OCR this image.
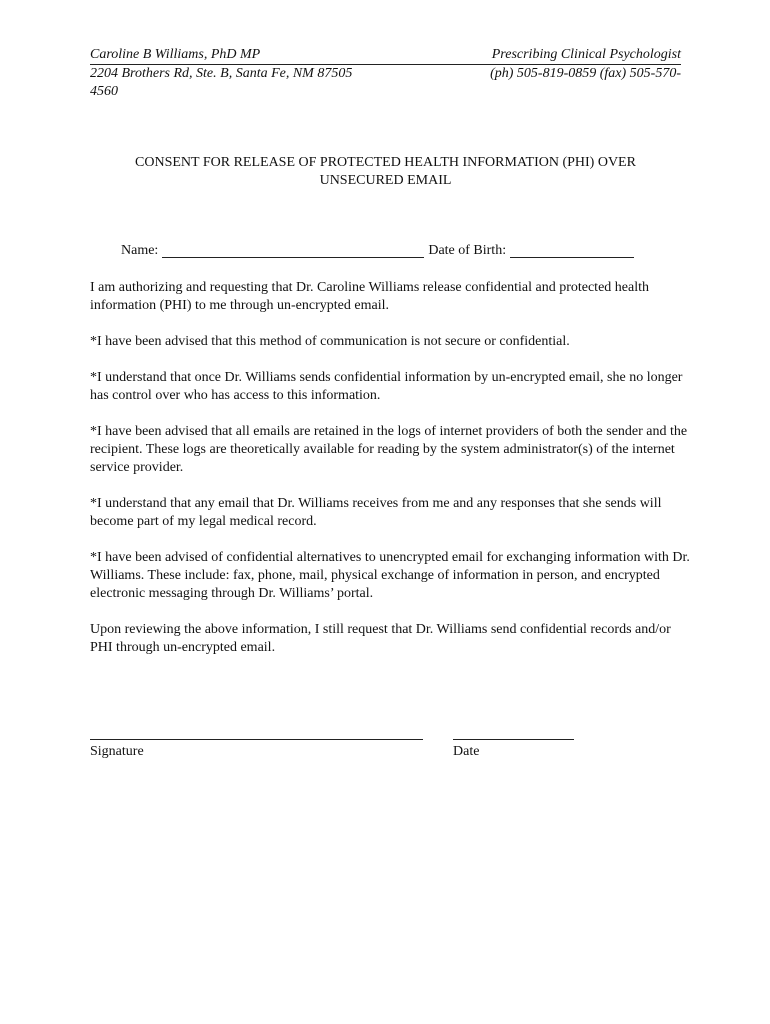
Caroline B Williams, PhD MP	Prescribing Clinical Psychologist
2204 Brothers Rd, Ste. B, Santa Fe, NM 87505	(ph) 505-819-0859 (fax) 505-570-
4560
CONSENT FOR RELEASE OF PROTECTED HEALTH INFORMATION (PHI) OVER
UNSECURED EMAIL
Name:	Date of Birth:

I am authorizing and requesting that Dr. Caroline Williams release confidential and protected health information (PHI) to me through un-encrypted email.

*I have been advised that this method of communication is not secure or confidential.

*I understand that once Dr. Williams sends confidential information by un-encrypted email, she no longer has control over who has access to this information.

*I have been advised that all emails are retained in the logs of internet providers of both the sender and the recipient. These logs are theoretically available for reading by the system administrator(s) of the internet service provider.

*I understand that any email that Dr. Williams receives from me and any responses that she sends will become part of my legal medical record.

*I have been advised of confidential alternatives to unencrypted email for exchanging information with Dr. Williams. These include: fax, phone, mail, physical exchange of information in person, and encrypted electronic messaging through Dr. Williams’ portal.

Upon reviewing the above information, I still request that Dr. Williams send confidential records and/or PHI through un-encrypted email.

Signature	Date
